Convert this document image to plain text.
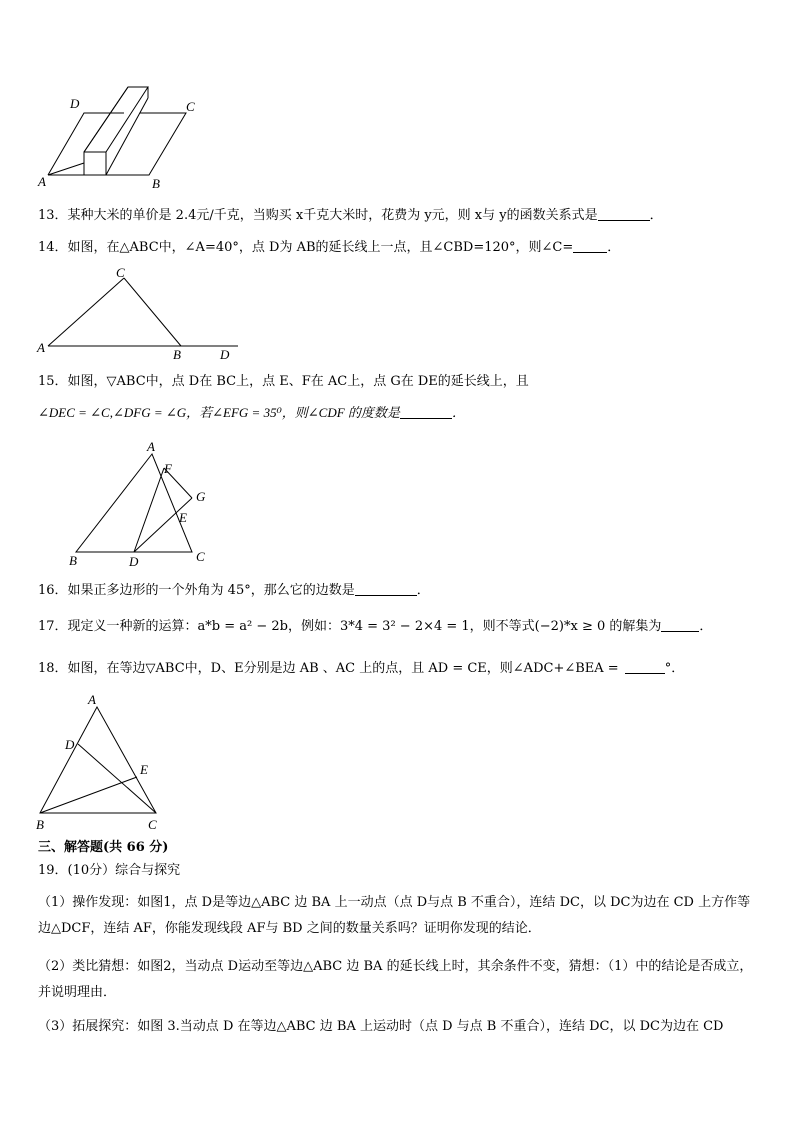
D	C
A	B
13．某种大米的单价是 2.4元/千克，当购买 x千克大米时，花费为 y元，则 x与 y的函数关系式是	．
14．如图，在△ABC中，∠A=40°，点 D为 AB的延长线上一点，且∠CBD=120°，则∠C=	．
C
A	B	D
15．如图，▽ABC中，点 D在 BC上，点 E、F在 AC上，点 G在 DE的延长线上，且
∠DEC = ∠C,∠DFG = ∠G，若∠EFG = 35⁰，则∠CDF 的度数是	．
A
F
G
E
B	D	C
16．如果正多边形的一个外角为 45°，那么它的边数是	．
17．现定义一种新的运算：a*b = a² − 2b，例如：3*4 = 3² − 2×4 = 1，则不等式(−2)*x ≥ 0 的解集为	．
18．如图，在等边▽ABC中，D、E分别是边 AB 、AC 上的点，且 AD = CE，则∠ADC+∠BEA =	°．
A
D
E
B	C
三、解答题(共 66 分)
19．(10分）综合与探究
（1）操作发现：如图1，点 D是等边△ABC 边 BA 上一动点（点 D与点 B 不重合），连结 DC，以 DC为边在 CD 上方作等边△DCF，连结 AF，你能发现线段 AF与 BD 之间的数量关系吗？证明你发现的结论．
（2）类比猜想：如图2，当动点 D运动至等边△ABC 边 BA 的延长线上时，其余条件不变，猜想：（1）中的结论是否成立，并说明理由．
（3）拓展探究：如图 3.当动点 D 在等边△ABC 边 BA 上运动时（点 D 与点 B 不重合），连结 DC，以 DC为边在 CD
